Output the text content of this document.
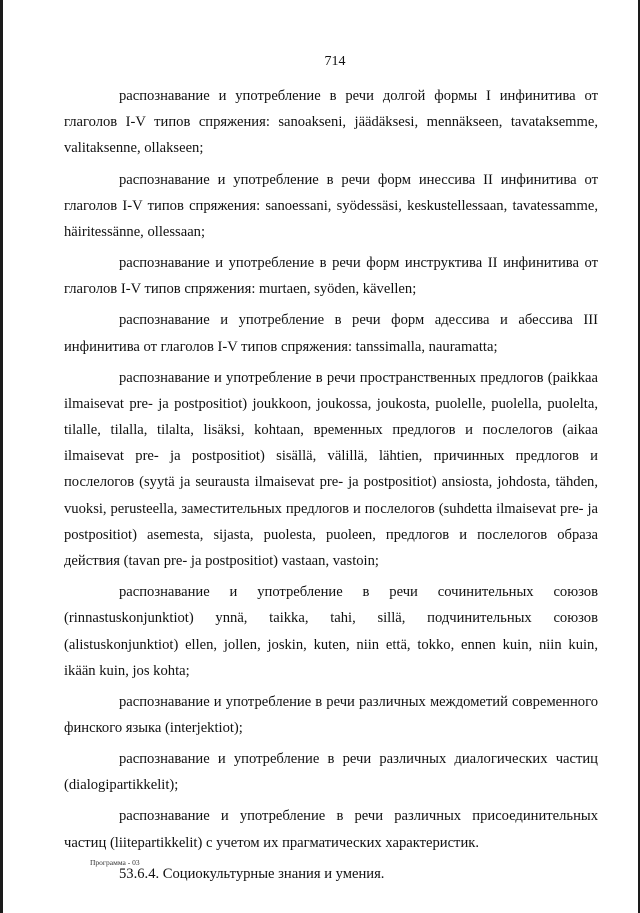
714

распознавание и употребление в речи долгой формы I инфинитива от глаголов I-V типов спряжения: sanoakseni, jäädäksesi, mennäkseen, tavataksemme, valitaksenne, ollakseen;

распознавание и употребление в речи форм инессива II инфинитива от глаголов I-V типов спряжения: sanoessani, syödessäsi, keskustellessaan, tavatessamme, häiritessänne, ollessaan;

распознавание и употребление в речи форм инструктива II инфинитива от глаголов I-V типов спряжения: murtaen, syöden, kävellen;

распознавание и употребление в речи форм адессива и абессива III инфинитива от глаголов I-V типов спряжения: tanssimalla, nauramatta;

распознавание и употребление в речи пространственных предлогов (paikkaa ilmaisevat pre- ja postpositiot) joukkoon, joukossa, joukosta, puolelle, puolella, puolelta, tilalle, tilalla, tilalta, lisäksi, kohtaan, временных предлогов и послелогов (aikaa ilmaisevat pre- ja postpositiot) sisällä, välillä, lähtien, причинных предлогов и послелогов (syytä ja seurausta ilmaisevat pre- ja postpositiot) ansiosta, johdosta, tähden, vuoksi, perusteella, заместительных предлогов и послелогов (suhdetta ilmaisevat pre- ja postpositiot) asemesta, sijasta, puolesta, puoleen, предлогов и послелогов образа действия (tavan pre- ja postpositiot) vastaan, vastoin;

распознавание и употребление в речи сочинительных союзов (rinnastuskonjunktiot) ynnä, taikka, tahi, sillä, подчинительных союзов (alistuskonjunktiot) ellen, jollen, joskin, kuten, niin että, tokko, ennen kuin, niin kuin, ikään kuin, jos kohta;

распознавание и употребление в речи различных междометий современного финского языка (interjektiot);

распознавание и употребление в речи различных диалогических частиц (dialogipartikkelit);

распознавание и употребление в речи различных присоединительных частиц (liitepartikkelit) с учетом их прагматических характеристик.

53.6.4. Социокультурные знания и умения.

Программа - 03
